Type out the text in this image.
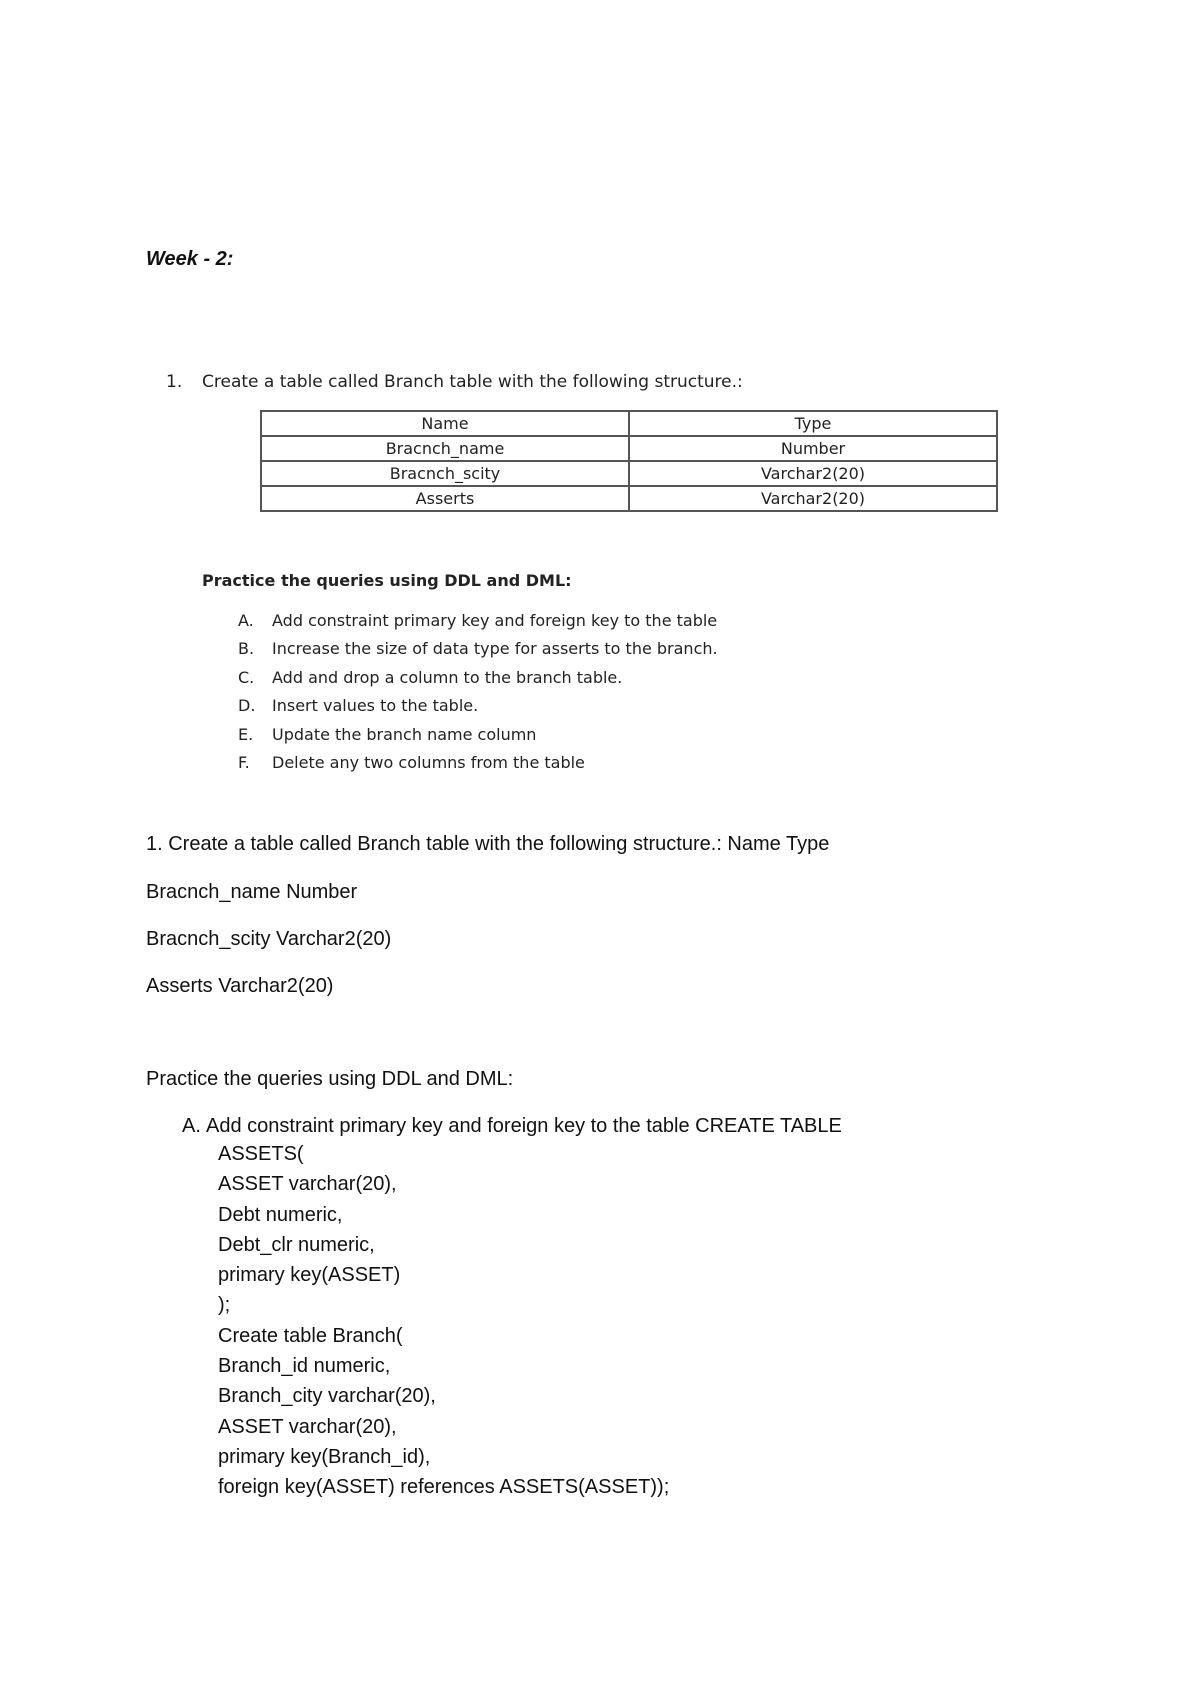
Week - 2:
1. Create a table called Branch table with the following structure.:
Name	Type
Bracnch_name	Number
Bracnch_scity	Varchar2(20)
Asserts	Varchar2(20)
Practice the queries using DDL and DML:
A. Add constraint primary key and foreign key to the table
B. Increase the size of data type for asserts to the branch.
C. Add and drop a column to the branch table.
D. Insert values to the table.
E. Update the branch name column
F. Delete any two columns from the table
1. Create a table called Branch table with the following structure.: Name Type
Bracnch_name Number
Bracnch_scity Varchar2(20)
Asserts Varchar2(20)
Practice the queries using DDL and DML:
A. Add constraint primary key and foreign key to the table CREATE TABLE
ASSETS(
ASSET varchar(20),
Debt numeric,
Debt_clr numeric,
primary key(ASSET)
);
Create table Branch(
Branch_id numeric,
Branch_city varchar(20),
ASSET varchar(20),
primary key(Branch_id),
foreign key(ASSET) references ASSETS(ASSET));
